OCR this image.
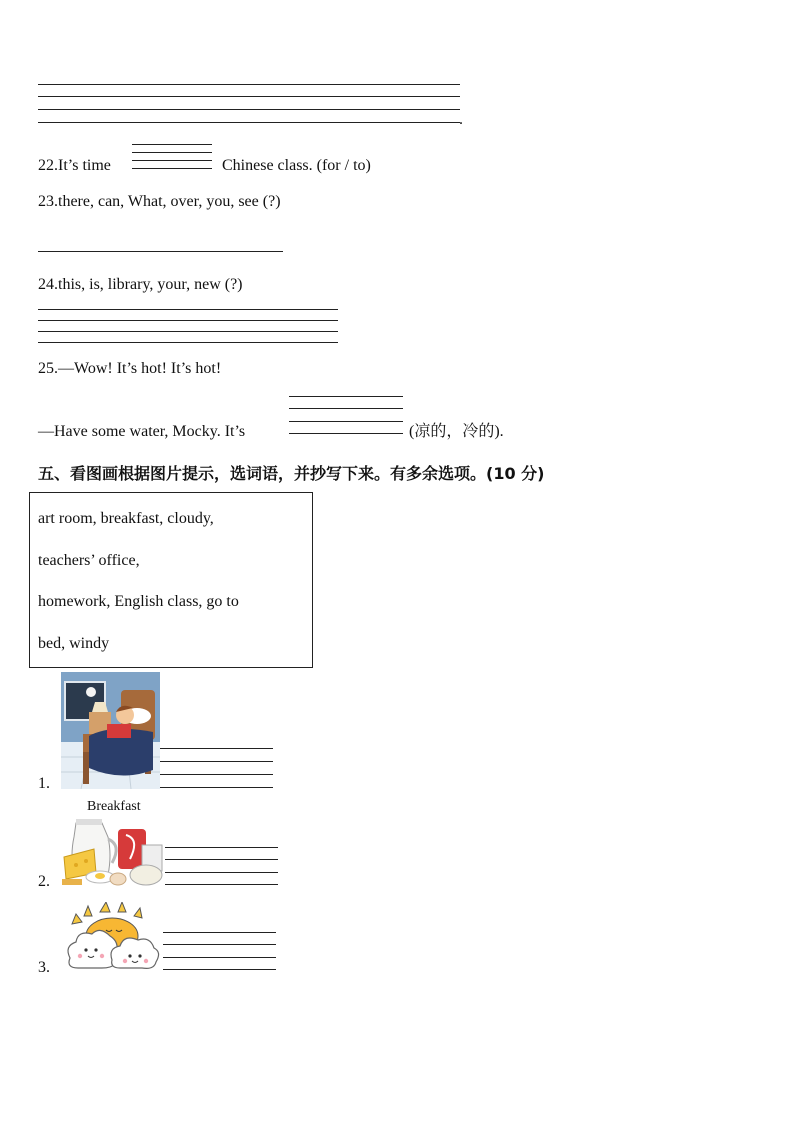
.
22.It’s time	Chinese class. (for / to)
23.there, can, What, over, you, see (?)
24.this, is, library, your, new (?)
25.—Wow! It’s hot! It’s hot!
—Have some water, Mocky. It’s	(凉的，冷的).
五、看图画根据图片提示，选词语，并抄写下来。有多余选项。(10 分)
art room, breakfast, cloudy,
teachers’ office,
homework, English class, go to
bed, windy
1.
Breakfast
2.
3.
